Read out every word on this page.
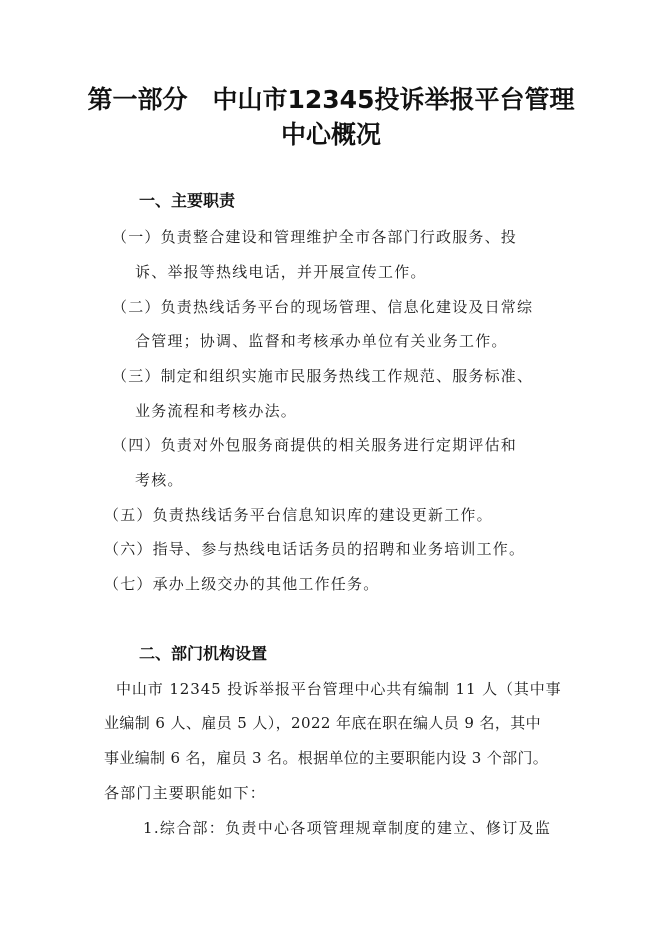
第一部分　中山市12345投诉举报平台管理
中心概况
一、主要职责
（一）负责整合建设和管理维护全市各部门行政服务、投
诉、举报等热线电话，并开展宣传工作。
（二）负责热线话务平台的现场管理、信息化建设及日常综
合管理；协调、监督和考核承办单位有关业务工作。
（三）制定和组织实施市民服务热线工作规范、服务标准、
业务流程和考核办法。
（四）负责对外包服务商提供的相关服务进行定期评估和
考核。
（五）负责热线话务平台信息知识库的建设更新工作。
（六）指导、参与热线电话话务员的招聘和业务培训工作。
（七）承办上级交办的其他工作任务。
二、部门机构设置
中山市 12345 投诉举报平台管理中心共有编制 11 人（其中事
业编制 6 人、雇员 5 人），2022 年底在职在编人员 9 名，其中
事业编制 6 名，雇员 3 名。根据单位的主要职能内设 3 个部门。
各部门主要职能如下：
1.综合部：负责中心各项管理规章制度的建立、修订及监
